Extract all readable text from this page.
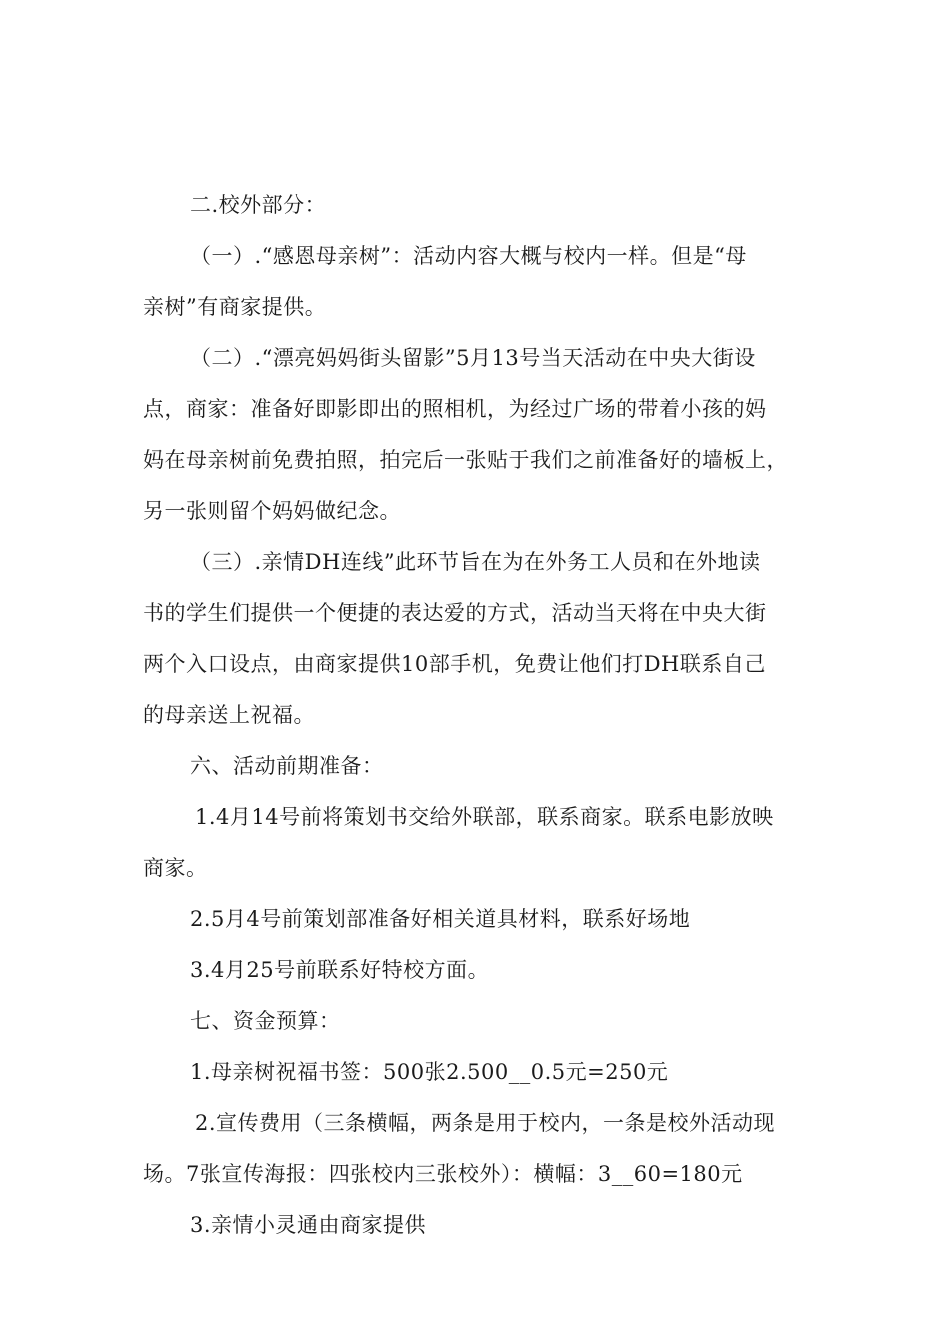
二.校外部分：
（一）.“感恩母亲树”：活动内容大概与校内一样。但是“母
亲树”有商家提供。
（二）.“漂亮妈妈街头留影”5月13号当天活动在中央大街设
点，商家：准备好即影即出的照相机，为经过广场的带着小孩的妈
妈在母亲树前免费拍照，拍完后一张贴于我们之前准备好的墙板上，
另一张则留个妈妈做纪念。
（三）.亲情DH连线”此环节旨在为在外务工人员和在外地读
书的学生们提供一个便捷的表达爱的方式，活动当天将在中央大街
两个入口设点，由商家提供10部手机，免费让他们打DH联系自己
的母亲送上祝福。
六、活动前期准备：
1.4月14号前将策划书交给外联部，联系商家。联系电影放映
商家。
2.5月4号前策划部准备好相关道具材料，联系好场地
3.4月25号前联系好特校方面。
七、资金预算：
1.母亲树祝福书签：500张2.500__0.5元=250元
2.宣传费用（三条横幅，两条是用于校内，一条是校外活动现
场。7张宣传海报：四张校内三张校外）：横幅：3__60=180元
3.亲情小灵通由商家提供
